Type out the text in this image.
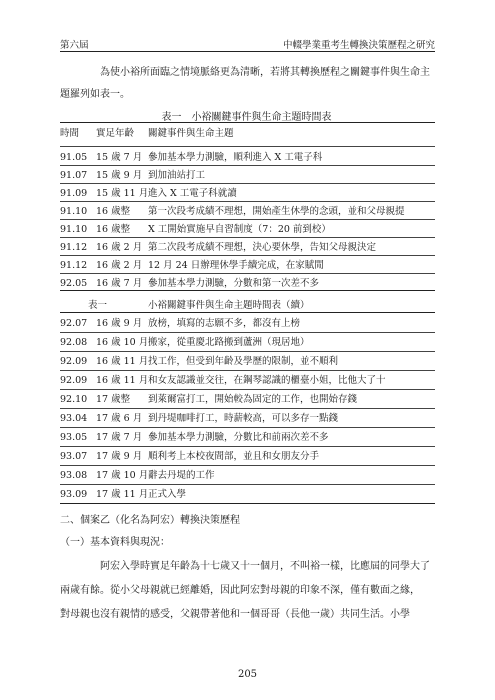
第六屆	中輟學業重考生轉換決策歷程之研究
為使小裕所面臨之情境脈絡更為清晰，若將其轉換歷程之關鍵事件與生命主
題羅列如表一。
表一　小裕關鍵事件與生命主題時間表
時間 實足年齡 關鍵事件與生命主題
91.05 15 歲 7 月 參加基本學力測驗，順利進入 X 工電子科
91.07 15 歲 9 月 到加油站打工
91.09 15 歲 11 月 進入 X 工電子科就讀
91.10 16 歲整 第一次段考成績不理想，開始產生休學的念頭，並和父母親提
91.10 16 歲整 X 工開始實施早自習制度（7：20 前到校）
91.12 16 歲 2 月 第二次段考成績不理想，決心要休學，告知父母親決定
91.12 16 歲 2 月 12 月 24 日辦理休學手續完成，在家賦閒
92.05 16 歲 7 月 參加基本學力測驗，分數和第一次差不多
表一	小裕關鍵事件與生命主題時間表（續）
92.07 16 歲 9 月 放榜，填寫的志願不多，都沒有上榜
92.08 16 歲 10 月 搬家，從重慶北路搬到蘆洲（現居地）
92.09 16 歲 11 月 找工作，但受到年齡及學歷的限制，並不順利
92.09 16 歲 11 月 和女友認識並交往，在鋼琴認識的櫃臺小姐，比他大了十
92.10 17 歲整 到萊爾富打工，開始較為固定的工作，也開始存錢
93.04 17 歲 6 月 到丹堤咖啡打工，時薪較高，可以多存一點錢
93.05 17 歲 7 月 參加基本學力測驗，分數比和前兩次差不多
93.07 17 歲 9 月 順利考上本校夜間部，並且和女朋友分手
93.08 17 歲 10 月 辭去丹堤的工作
93.09 17 歲 11 月 正式入學
二、個案乙（化名為阿宏）轉換決策歷程
（一）基本資料與現況：
阿宏入學時實足年齡為十七歲又十一個月，不叫裕一樣，比應屆的同學大了
兩歲有餘。從小父母親就已經離婚，因此阿宏對母親的印象不深，僅有數面之緣，
對母親也沒有親情的感受，父親帶著他和一個哥哥（長他一歲）共同生活。小學
205
